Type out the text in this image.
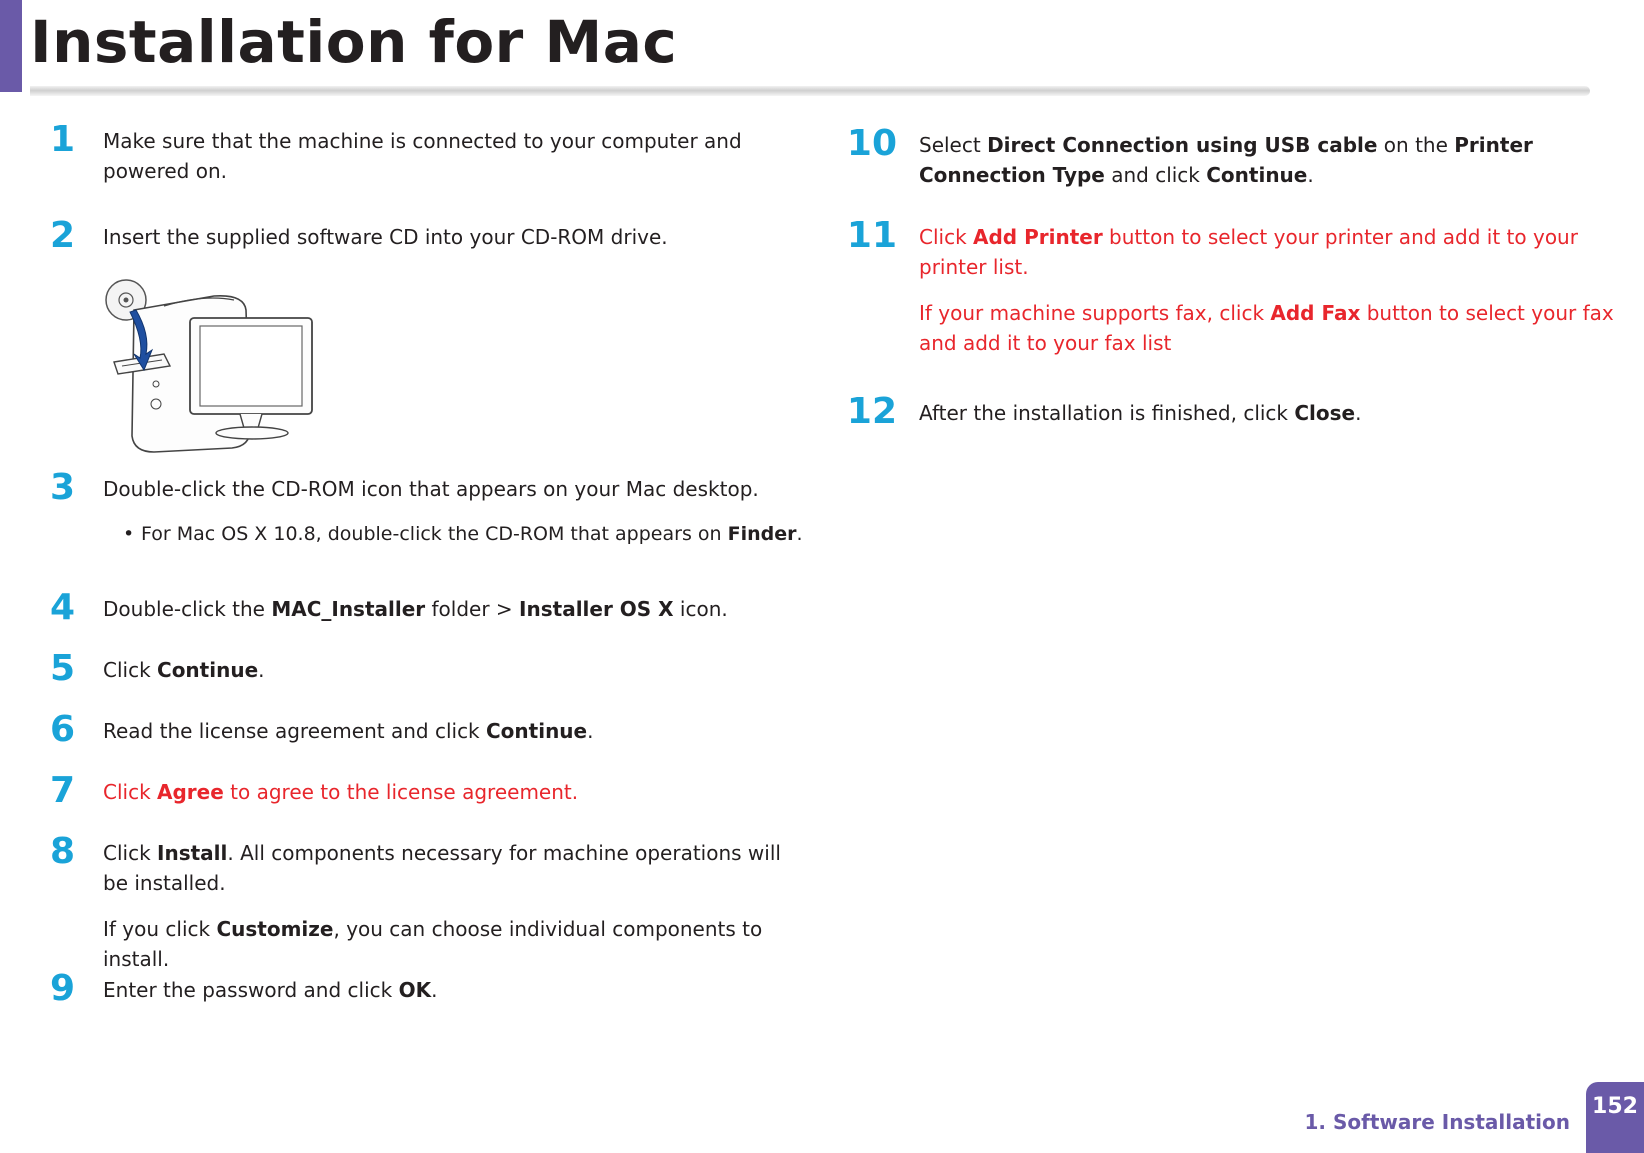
Installation for Mac
1 Make sure that the machine is connected to your computer and powered on.
2 Insert the supplied software CD into your CD-ROM drive.
3 Double-click the CD-ROM icon that appears on your Mac desktop.
• For Mac OS X 10.8, double-click the CD-ROM that appears on Finder.
4 Double-click the MAC_Installer folder > Installer OS X icon.
5 Click Continue.
6 Read the license agreement and click Continue.
7 Click Agree to agree to the license agreement.
8 Click Install. All components necessary for machine operations will be installed.
If you click Customize, you can choose individual components to install.
9 Enter the password and click OK.
10 Select Direct Connection using USB cable on the Printer Connection Type and click Continue.
11 Click Add Printer button to select your printer and add it to your printer list.
If your machine supports fax, click Add Fax button to select your fax and add it to your fax list
12 After the installation is finished, click Close.
1. Software Installation
152
